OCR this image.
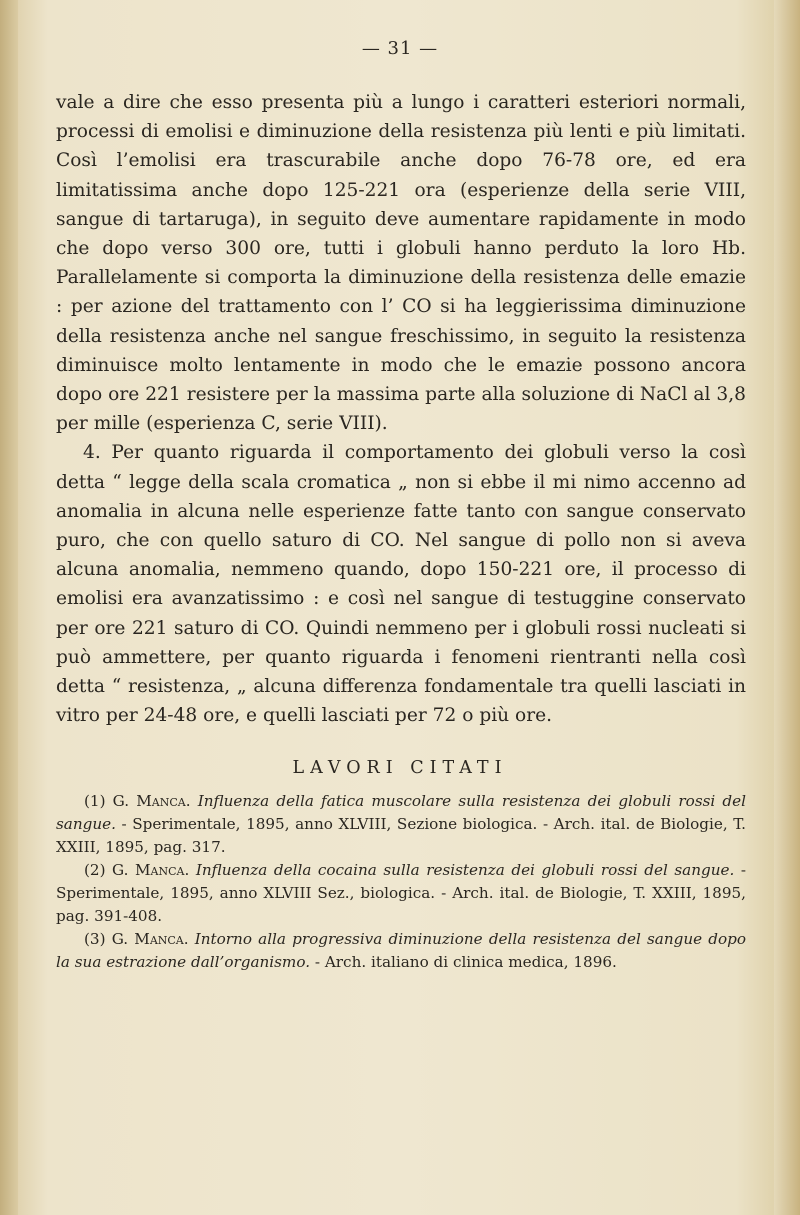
— 31 —

vale a dire che esso presenta più a lungo i caratteri esteriori normali, processi di emolisi e diminuzione della resistenza più lenti e più limitati. Così l’emolisi era trascurabile anche dopo 76-78 ore, ed era limitatissima anche dopo 125-221 ora (esperienze della serie VIII, sangue di tartaruga), in seguito deve aumentare rapidamente in modo che dopo verso 300 ore, tutti i globuli hanno perduto la loro Hb. Parallelamente si comporta la diminuzione della resistenza delle emazie : per azione del trattamento con l’ CO si ha leggierissima diminuzione della resistenza anche nel sangue freschissimo, in seguito la resistenza diminuisce molto lentamente in modo che le emazie possono ancora dopo ore 221 resistere per la massima parte alla soluzione di NaCl al 3,8 per mille (esperienza C, serie VIII).

4. Per quanto riguarda il comportamento dei globuli verso la così detta “ legge della scala cromatica „ non si ebbe il mi nimo accenno ad anomalia in alcuna nelle esperienze fatte tanto con sangue conservato puro, che con quello saturo di CO. Nel sangue di pollo non si aveva alcuna anomalia, nemmeno quando, dopo 150-221 ore, il processo di emolisi era avanzatissimo : e così nel sangue di testuggine conservato per ore 221 saturo di CO. Quindi nemmeno per i globuli rossi nucleati si può ammettere, per quanto riguarda i fenomeni rientranti nella così detta “ resistenza, „ alcuna differenza fondamentale tra quelli lasciati in vitro per 24-48 ore, e quelli lasciati per 72 o più ore.

LAVORI CITATI

(1) G. Manca. Influenza della fatica muscolare sulla resistenza dei globuli rossi del sangue. - Sperimentale, 1895, anno XLVIII, Sezione biologica. - Arch. ital. de Biologie, T. XXIII, 1895, pag. 317.

(2) G. Manca. Influenza della cocaina sulla resistenza dei globuli rossi del sangue. - Sperimentale, 1895, anno XLVIII Sez., biologica. - Arch. ital. de Biologie, T. XXIII, 1895, pag. 391-408.

(3) G. Manca. Intorno alla progressiva diminuzione della resistenza del sangue dopo la sua estrazione dall’organismo. - Arch. italiano di clinica medica, 1896.
